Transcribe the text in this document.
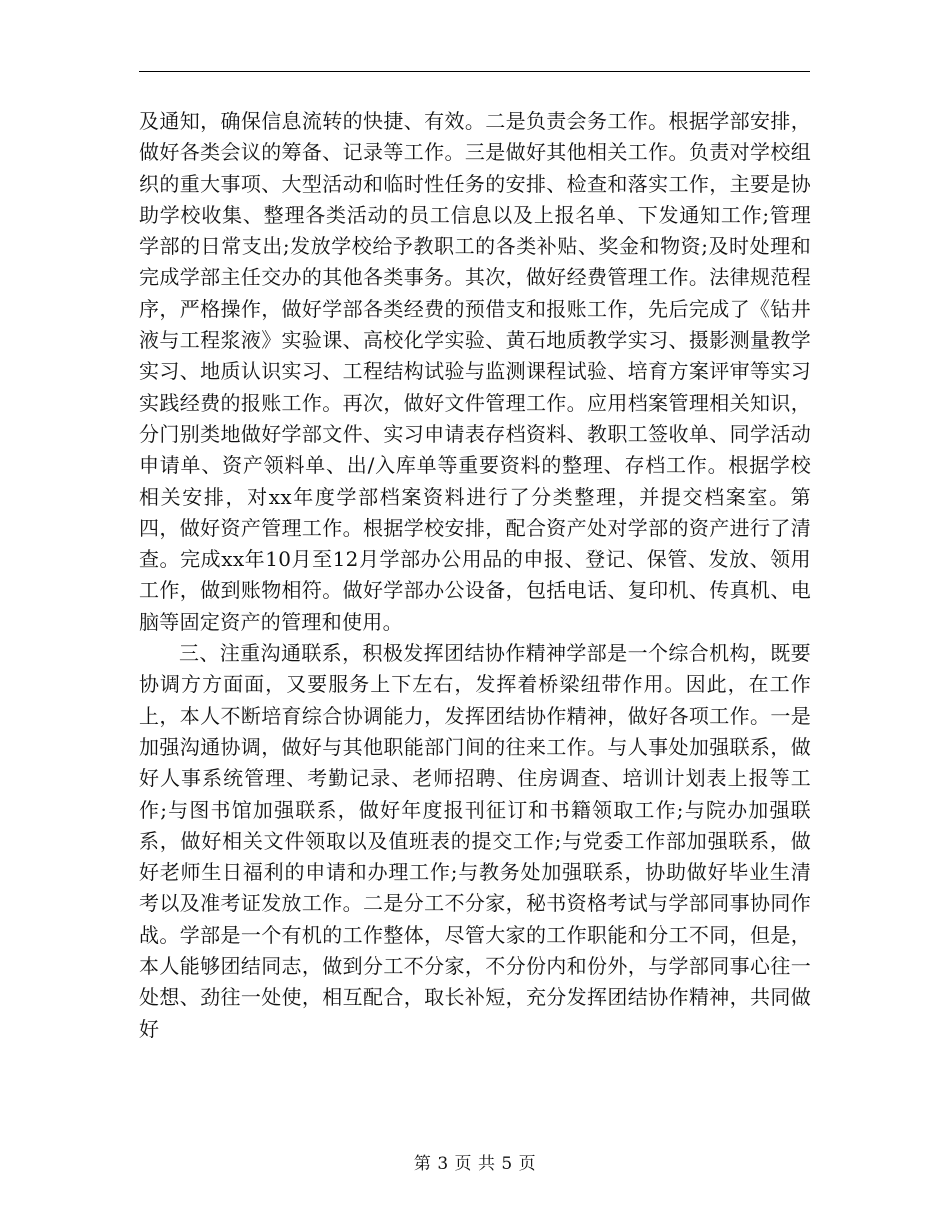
及通知，确保信息流转的快捷、有效。二是负责会务工作。根据学部安排，做好各类会议的筹备、记录等工作。三是做好其他相关工作。负责对学校组织的重大事项、大型活动和临时性任务的安排、检查和落实工作，主要是协助学校收集、整理各类活动的员工信息以及上报名单、下发通知工作;管理学部的日常支出;发放学校给予教职工的各类补贴、奖金和物资;及时处理和完成学部主任交办的其他各类事务。其次，做好经费管理工作。法律规范程序，严格操作，做好学部各类经费的预借支和报账工作，先后完成了《钻井液与工程浆液》实验课、高校化学实验、黄石地质教学实习、摄影测量教学实习、地质认识实习、工程结构试验与监测课程试验、培育方案评审等实习实践经费的报账工作。再次，做好文件管理工作。应用档案管理相关知识，分门别类地做好学部文件、实习申请表存档资料、教职工签收单、同学活动申请单、资产领料单、出/入库单等重要资料的整理、存档工作。根据学校相关安排，对xx年度学部档案资料进行了分类整理，并提交档案室。第四，做好资产管理工作。根据学校安排，配合资产处对学部的资产进行了清查。完成xx年10月至12月学部办公用品的申报、登记、保管、发放、领用工作，做到账物相符。做好学部办公设备，包括电话、复印机、传真机、电脑等固定资产的管理和使用。

三、注重沟通联系，积极发挥团结协作精神学部是一个综合机构，既要协调方方面面，又要服务上下左右，发挥着桥梁纽带作用。因此，在工作上，本人不断培育综合协调能力，发挥团结协作精神，做好各项工作。一是加强沟通协调，做好与其他职能部门间的往来工作。与人事处加强联系，做好人事系统管理、考勤记录、老师招聘、住房调查、培训计划表上报等工作;与图书馆加强联系，做好年度报刊征订和书籍领取工作;与院办加强联系，做好相关文件领取以及值班表的提交工作;与党委工作部加强联系，做好老师生日福利的申请和办理工作;与教务处加强联系，协助做好毕业生清考以及准考证发放工作。二是分工不分家，秘书资格考试与学部同事协同作战。学部是一个有机的工作整体，尽管大家的工作职能和分工不同，但是，本人能够团结同志，做到分工不分家，不分份内和份外，与学部同事心往一处想、劲往一处使，相互配合，取长补短，充分发挥团结协作精神，共同做好

第 3 页 共 5 页
